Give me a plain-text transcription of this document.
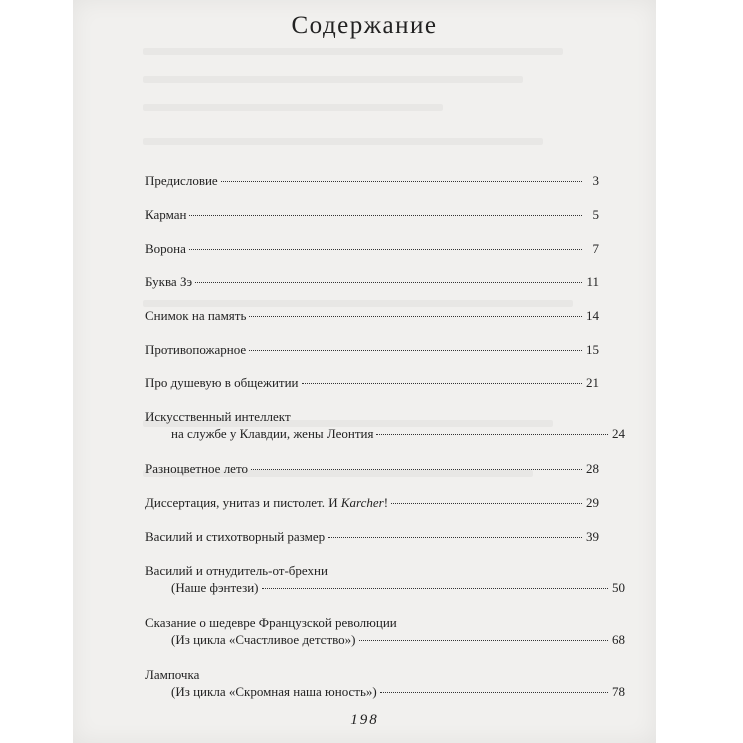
Содержание
Предисловие	3
Карман	5
Ворона	7
Буква Зэ	11
Снимок на память	14
Противопожарное	15
Про душевую в общежитии	21
Искусственный интеллект
на службе у Клавдии, жены Леонтия	24
Разноцветное лето	28
Диссертация, унитаз и пистолет. И Karcher!	29
Василий и стихотворный размер	39
Василий и отнудитель-от-брехни
(Наше фэнтези)	50
Сказание о шедевре Французской революции
(Из цикла «Счастливое детство»)	68
Лампочка
(Из цикла «Скромная наша юность»)	78
198
